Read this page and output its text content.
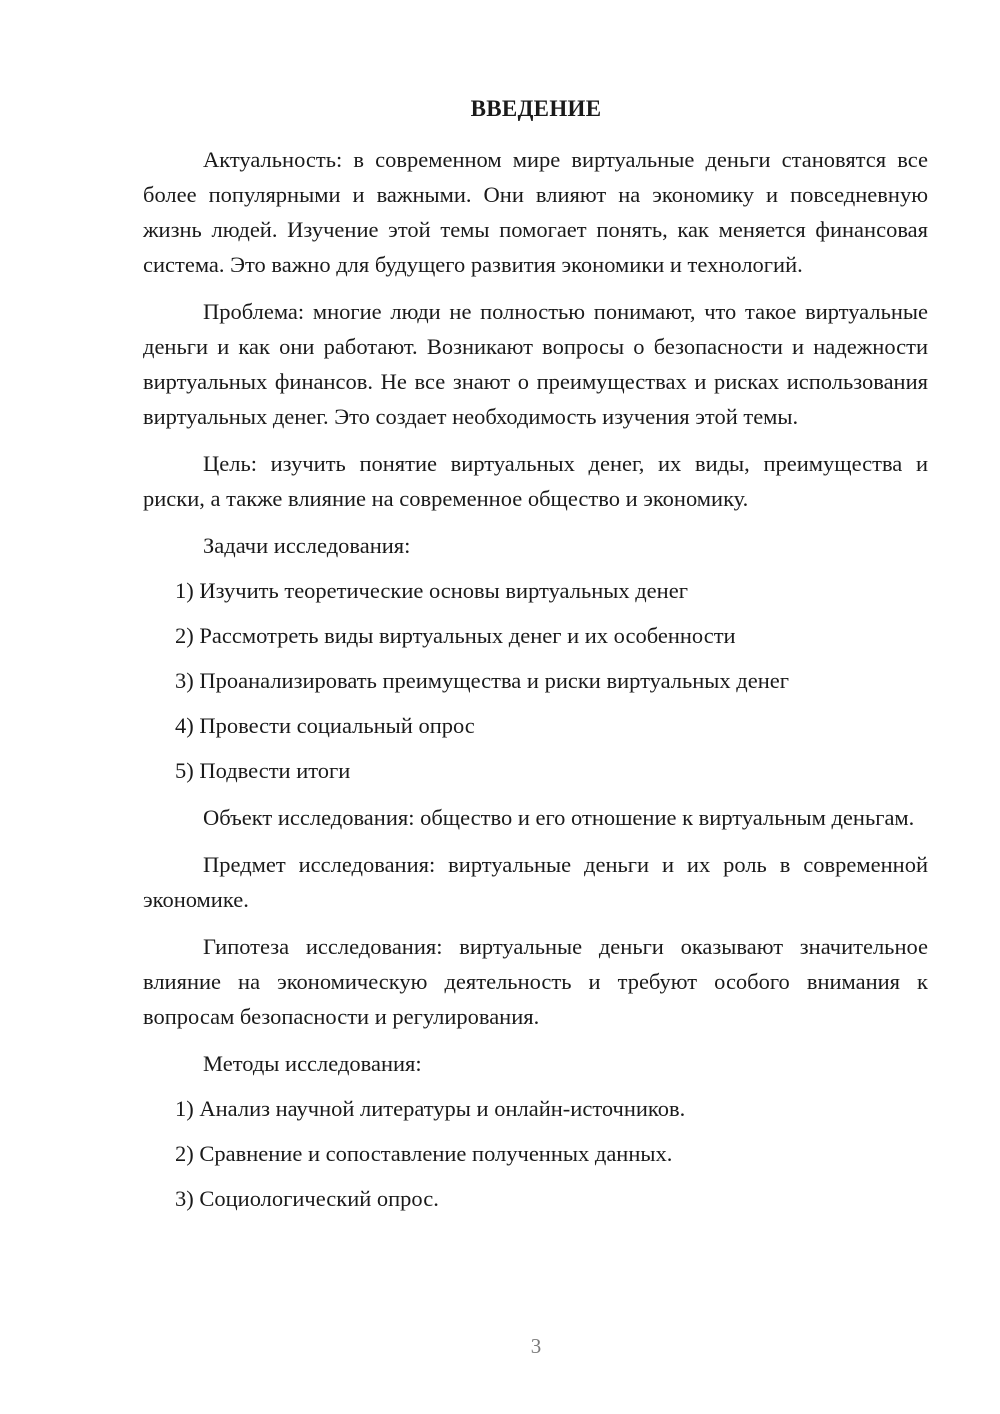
ВВЕДЕНИЕ

Актуальность: в современном мире виртуальные деньги становятся все более популярными и важными. Они влияют на экономику и повседневную жизнь людей. Изучение этой темы помогает понять, как меняется финансовая система. Это важно для будущего развития экономики и технологий.

Проблема: многие люди не полностью понимают, что такое виртуальные деньги и как они работают. Возникают вопросы о безопасности и надежности виртуальных финансов. Не все знают о преимуществах и рисках использования виртуальных денег. Это создает необходимость изучения этой темы.

Цель: изучить понятие виртуальных денег, их виды, преимущества и риски, а также влияние на современное общество и экономику.

Задачи исследования:

1) Изучить теоретические основы виртуальных денег

2) Рассмотреть виды виртуальных денег и их особенности

3) Проанализировать преимущества и риски виртуальных денег

4) Провести социальный опрос

5) Подвести итоги

Объект исследования: общество и его отношение к виртуальным деньгам.

Предмет исследования: виртуальные деньги и их роль в современной экономике.

Гипотеза исследования: виртуальные деньги оказывают значительное влияние на экономическую деятельность и требуют особого внимания к вопросам безопасности и регулирования.

Методы исследования:

1) Анализ научной литературы и онлайн-источников.

2) Сравнение и сопоставление полученных данных.

3) Социологический опрос.

3
